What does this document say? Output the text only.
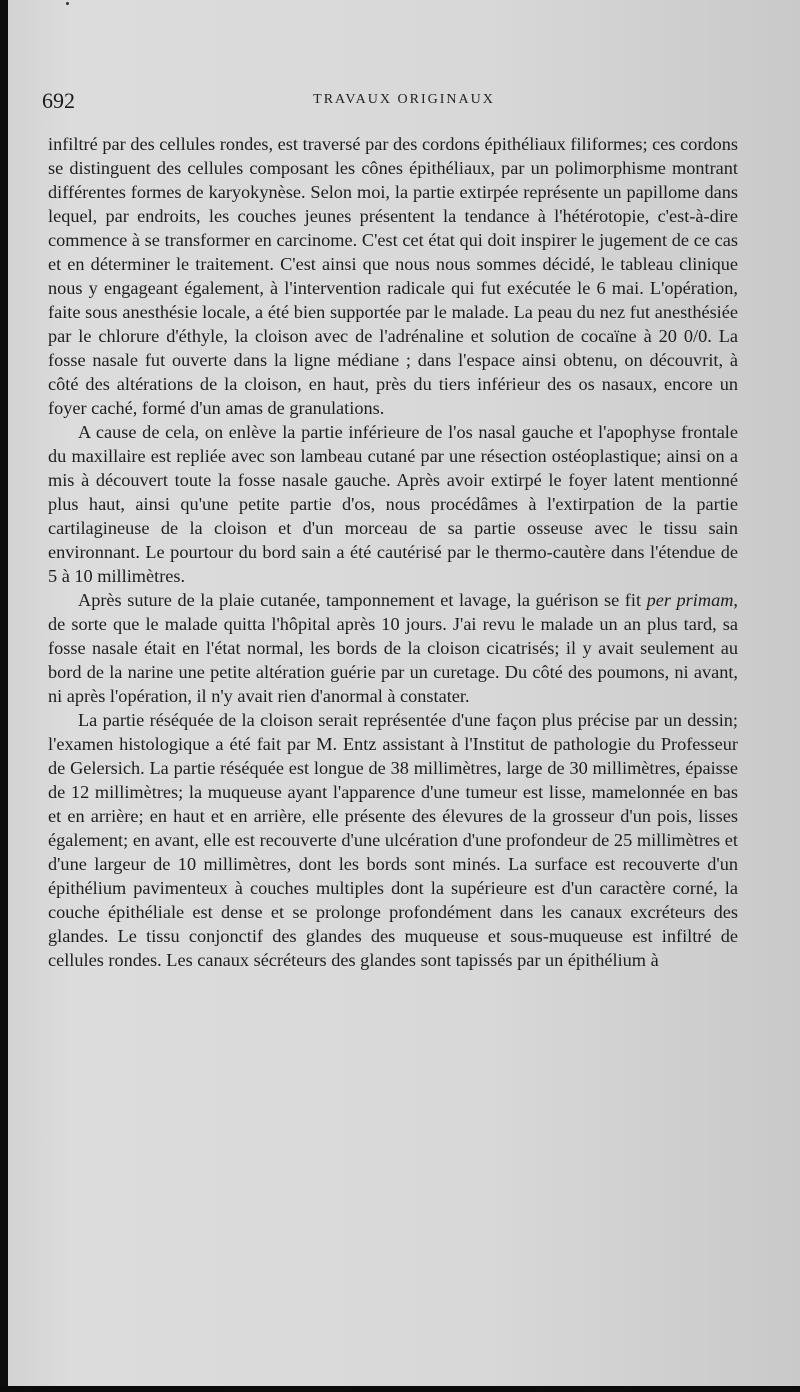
692	TRAVAUX ORIGINAUX

infiltré par des cellules rondes, est traversé par des cordons épithéliaux filiformes; ces cordons se distinguent des cellules composant les cônes épithéliaux, par un polimorphisme montrant différentes formes de karyokynèse. Selon moi, la partie extirpée représente un papillome dans lequel, par endroits, les couches jeunes présentent la tendance à l'hétérotopie, c'est-à-dire commence à se transformer en carcinome. C'est cet état qui doit inspirer le jugement de ce cas et en déterminer le traitement. C'est ainsi que nous nous sommes décidé, le tableau clinique nous y engageant également, à l'intervention radicale qui fut exécutée le 6 mai. L'opération, faite sous anesthésie locale, a été bien supportée par le malade. La peau du nez fut anesthésiée par le chlorure d'éthyle, la cloison avec de l'adrénaline et solution de cocaïne à 20 0/0. La fosse nasale fut ouverte dans la ligne médiane ; dans l'espace ainsi obtenu, on découvrit, à côté des altérations de la cloison, en haut, près du tiers inférieur des os nasaux, encore un foyer caché, formé d'un amas de granulations.

A cause de cela, on enlève la partie inférieure de l'os nasal gauche et l'apophyse frontale du maxillaire est repliée avec son lambeau cutané par une résection ostéoplastique; ainsi on a mis à découvert toute la fosse nasale gauche. Après avoir extirpé le foyer latent mentionné plus haut, ainsi qu'une petite partie d'os, nous procédâmes à l'extirpation de la partie cartilagineuse de la cloison et d'un morceau de sa partie osseuse avec le tissu sain environnant. Le pourtour du bord sain a été cautérisé par le thermo-cautère dans l'étendue de 5 à 10 millimètres.

Après suture de la plaie cutanée, tamponnement et lavage, la guérison se fit per primam, de sorte que le malade quitta l'hôpital après 10 jours. J'ai revu le malade un an plus tard, sa fosse nasale était en l'état normal, les bords de la cloison cicatrisés; il y avait seulement au bord de la narine une petite altération guérie par un curetage. Du côté des poumons, ni avant, ni après l'opération, il n'y avait rien d'anormal à constater.

La partie réséquée de la cloison serait représentée d'une façon plus précise par un dessin; l'examen histologique a été fait par M. Entz assistant à l'Institut de pathologie du Professeur de Gelersich. La partie réséquée est longue de 38 millimètres, large de 30 millimètres, épaisse de 12 millimètres; la muqueuse ayant l'apparence d'une tumeur est lisse, mamelonnée en bas et en arrière; en haut et en arrière, elle présente des élevures de la grosseur d'un pois, lisses également; en avant, elle est recouverte d'une ulcération d'une profondeur de 25 millimètres et d'une largeur de 10 millimètres, dont les bords sont minés. La surface est recouverte d'un épithélium pavimenteux à couches multiples dont la supérieure est d'un caractère corné, la couche épithéliale est dense et se prolonge profondément dans les canaux excréteurs des glandes. Le tissu conjonctif des glandes des muqueuse et sous-muqueuse est infiltré de cellules rondes. Les canaux sécréteurs des glandes sont tapissés par un épithélium à
